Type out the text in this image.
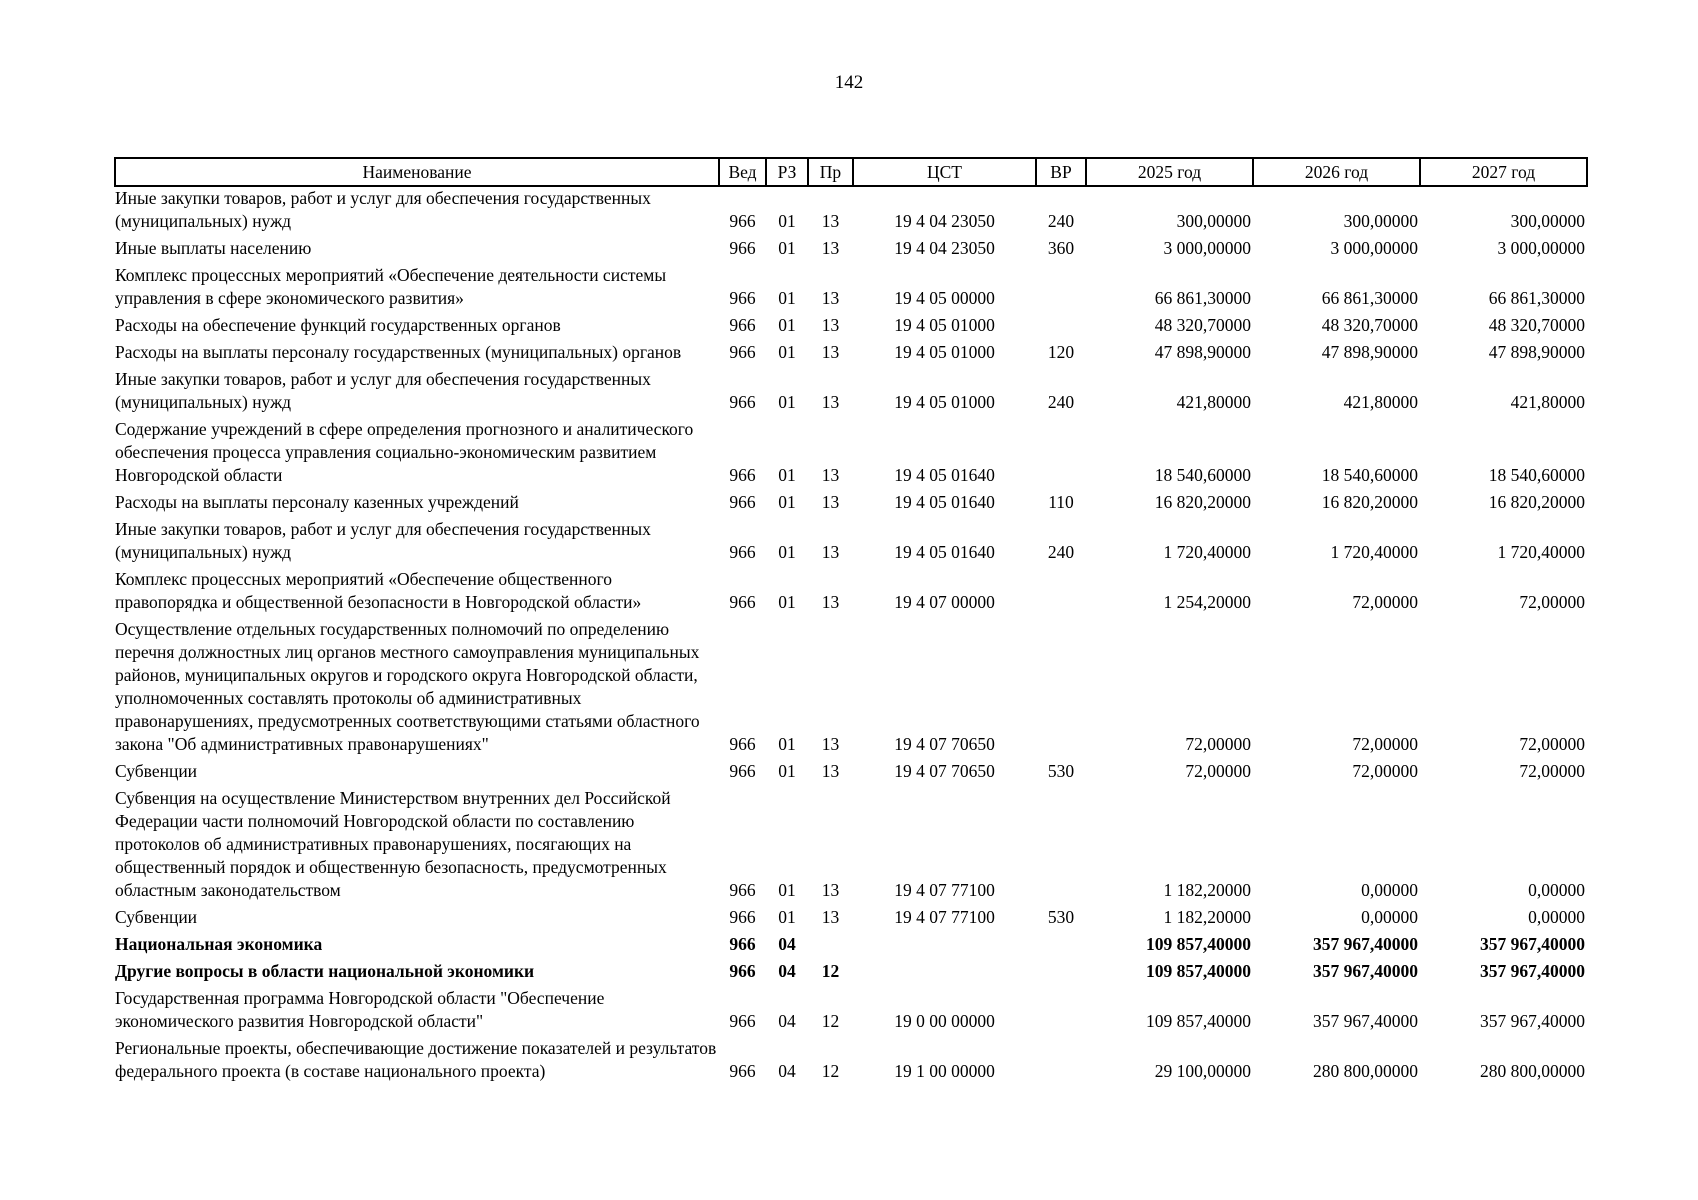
142
Наименование	Вед	РЗ	Пр	ЦСТ	ВР	2025 год	2026 год	2027 год
Иные закупки товаров, работ и услуг для обеспечения государственных (муниципальных) нужд	966	01	13	19 4 04 23050	240	300,00000	300,00000	300,00000
Иные выплаты населению	966	01	13	19 4 04 23050	360	3 000,00000	3 000,00000	3 000,00000
Комплекс процессных мероприятий «Обеспечение деятельности системы управления в сфере экономического развития»	966	01	13	19 4 05 00000		66 861,30000	66 861,30000	66 861,30000
Расходы на обеспечение функций государственных органов	966	01	13	19 4 05 01000		48 320,70000	48 320,70000	48 320,70000
Расходы на выплаты персоналу государственных (муниципальных) органов	966	01	13	19 4 05 01000	120	47 898,90000	47 898,90000	47 898,90000
Иные закупки товаров, работ и услуг для обеспечения государственных (муниципальных) нужд	966	01	13	19 4 05 01000	240	421,80000	421,80000	421,80000
Содержание учреждений в сфере определения прогнозного и аналитического обеспечения процесса управления социально-экономическим развитием Новгородской области	966	01	13	19 4 05 01640		18 540,60000	18 540,60000	18 540,60000
Расходы на выплаты персоналу казенных учреждений	966	01	13	19 4 05 01640	110	16 820,20000	16 820,20000	16 820,20000
Иные закупки товаров, работ и услуг для обеспечения государственных (муниципальных) нужд	966	01	13	19 4 05 01640	240	1 720,40000	1 720,40000	1 720,40000
Комплекс процессных мероприятий «Обеспечение общественного правопорядка и общественной безопасности в Новгородской области»	966	01	13	19 4 07 00000		1 254,20000	72,00000	72,00000
Осуществление отдельных государственных полномочий по определению перечня должностных лиц органов местного самоуправления муниципальных районов, муниципальных округов и городского округа Новгородской области, уполномоченных составлять протоколы об административных правонарушениях, предусмотренных соответствующими статьями областного закона "Об административных правонарушениях"	966	01	13	19 4 07 70650		72,00000	72,00000	72,00000
Субвенции	966	01	13	19 4 07 70650	530	72,00000	72,00000	72,00000
Субвенция на осуществление Министерством внутренних дел Российской Федерации части полномочий Новгородской области по составлению протоколов об административных правонарушениях, посягающих на общественный порядок и общественную безопасность, предусмотренных областным законодательством	966	01	13	19 4 07 77100		1 182,20000	0,00000	0,00000
Субвенции	966	01	13	19 4 07 77100	530	1 182,20000	0,00000	0,00000
Национальная экономика	966	04				109 857,40000	357 967,40000	357 967,40000
Другие вопросы в области национальной экономики	966	04	12			109 857,40000	357 967,40000	357 967,40000
Государственная программа Новгородской области "Обеспечение экономического развития Новгородской области"	966	04	12	19 0 00 00000		109 857,40000	357 967,40000	357 967,40000
Региональные проекты, обеспечивающие достижение показателей и результатов федерального проекта (в составе национального проекта)	966	04	12	19 1 00 00000		29 100,00000	280 800,00000	280 800,00000
